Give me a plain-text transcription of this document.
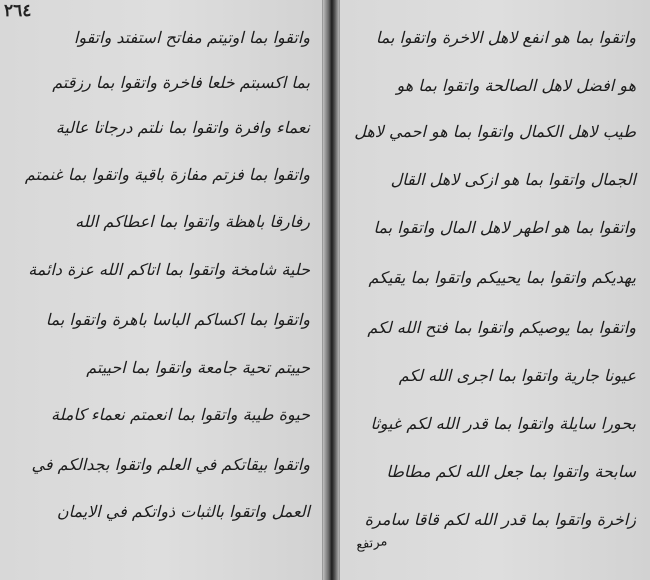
٢٦٤
واتقوا بما اوتيتم مفاتح استفتد واتقوا
بما اكسبتم خلعا فاخرة واتقوا بما رزقتم
نعماء وافرة واتقوا بما نلتم درجاتا عالية
واتقوا بما فزتم مفازة باقية واتقوا بما غنمتم
رفارقا باهظة واتقوا بما اعطاكم الله
حلية شامخة واتقوا بما اتاكم الله عزة دائمة
واتقوا بما اكساكم الباسا باهرة واتقوا بما
حييتم تحية جامعة واتقوا بما احييتم
حيوة طيبة واتقوا بما انعمتم نعماء كاملة
واتقوا بيقاتكم في العلم واتقوا بجدالكم في
العمل واتقوا بالثبات ذواتكم في الايمان
واتقوا بما هو انفع لاهل الاخرة واتقوا بما
هو افضل لاهل الصالحة واتقوا بما هو
طيب لاهل الكمال واتقوا بما هو احمي لاهل
الجمال واتقوا بما هو ازكى لاهل القال
واتقوا بما هو اطهر لاهل المال واتقوا بما
يهديكم واتقوا بما يحييكم واتقوا بما يقيكم
واتقوا بما يوصيكم واتقوا بما فتح الله لكم
عيونا جارية واتقوا بما اجرى الله لكم
بحورا سايلة واتقوا بما قدر الله لكم غيوثا
سابحة واتقوا بما جعل الله لكم مطاطا
زاخرة واتقوا بما قدر الله لكم قاقا سامرة
مرتفع
